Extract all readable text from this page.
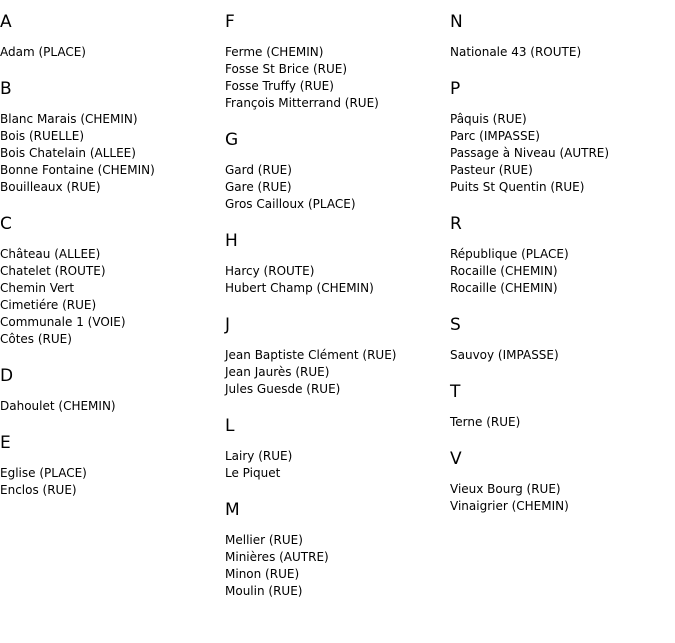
A
Adam (PLACE)
B
Blanc Marais (CHEMIN)
Bois (RUELLE)
Bois Chatelain (ALLEE)
Bonne Fontaine (CHEMIN)
Bouilleaux (RUE)
C
Château (ALLEE)
Chatelet (ROUTE)
Chemin Vert
Cimetiére (RUE)
Communale 1 (VOIE)
Côtes (RUE)
D
Dahoulet (CHEMIN)
E
Eglise (PLACE)
Enclos (RUE)
F
Ferme (CHEMIN)
Fosse St Brice (RUE)
Fosse Truffy (RUE)
François Mitterrand (RUE)
G
Gard (RUE)
Gare (RUE)
Gros Cailloux (PLACE)
H
Harcy (ROUTE)
Hubert Champ (CHEMIN)
J
Jean Baptiste Clément (RUE)
Jean Jaurès (RUE)
Jules Guesde (RUE)
L
Lairy (RUE)
Le Piquet
M
Mellier (RUE)
Minières (AUTRE)
Minon (RUE)
Moulin (RUE)
N
Nationale 43 (ROUTE)
P
Pâquis (RUE)
Parc (IMPASSE)
Passage à Niveau (AUTRE)
Pasteur (RUE)
Puits St Quentin (RUE)
R
République (PLACE)
Rocaille (CHEMIN)
Rocaille (CHEMIN)
S
Sauvoy (IMPASSE)
T
Terne (RUE)
V
Vieux Bourg (RUE)
Vinaigrier (CHEMIN)
